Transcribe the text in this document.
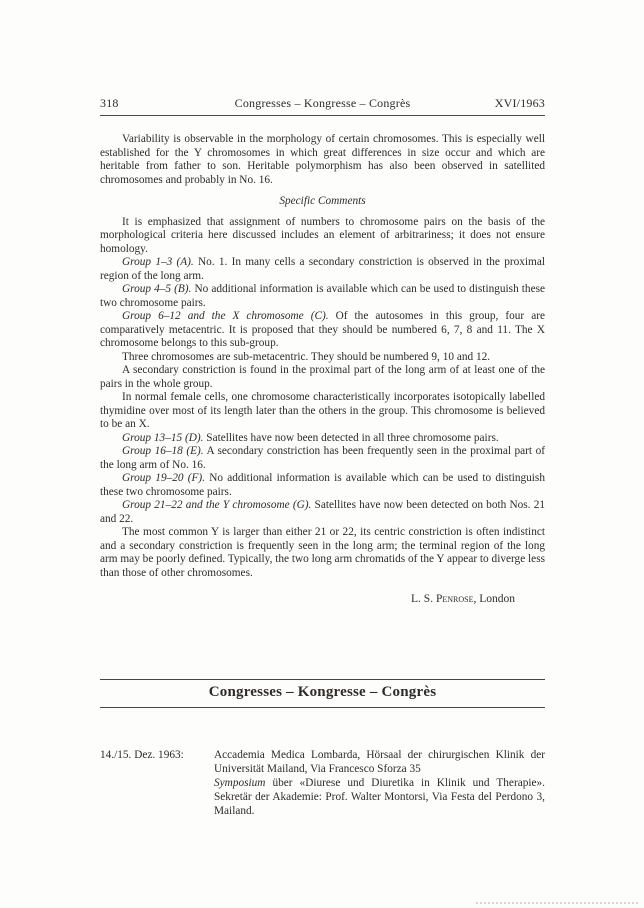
318	Congresses – Kongresse – Congrès	XVI/1963

Variability is observable in the morphology of certain chromosomes. This is especially well established for the Y chromosomes in which great differences in size occur and which are heritable from father to son. Heritable polymorphism has also been observed in satellited chromosomes and probably in No. 16.

Specific Comments

It is emphasized that assignment of numbers to chromosome pairs on the basis of the morphological criteria here discussed includes an element of arbitrariness; it does not ensure homology.

Group 1–3 (A). No. 1. In many cells a secondary constriction is observed in the proximal region of the long arm.

Group 4–5 (B). No additional information is available which can be used to distinguish these two chromosome pairs.

Group 6–12 and the X chromosome (C). Of the autosomes in this group, four are comparatively metacentric. It is proposed that they should be numbered 6, 7, 8 and 11. The X chromosome belongs to this sub-group.

Three chromosomes are sub-metacentric. They should be numbered 9, 10 and 12.

A secondary constriction is found in the proximal part of the long arm of at least one of the pairs in the whole group.

In normal female cells, one chromosome characteristically incorporates isotopically labelled thymidine over most of its length later than the others in the group. This chromosome is believed to be an X.

Group 13–15 (D). Satellites have now been detected in all three chromosome pairs.

Group 16–18 (E). A secondary constriction has been frequently seen in the proximal part of the long arm of No. 16.

Group 19–20 (F). No additional information is available which can be used to distinguish these two chromosome pairs.

Group 21–22 and the Y chromosome (G). Satellites have now been detected on both Nos. 21 and 22.

The most common Y is larger than either 21 or 22, its centric constriction is often indistinct and a secondary constriction is frequently seen in the long arm; the terminal region of the long arm may be poorly defined. Typically, the two long arm chromatids of the Y appear to diverge less than those of other chromosomes.

L. S. Penrose, London
Congresses – Kongresse – Congrès
14./15. Dez. 1963:	Accademia Medica Lombarda, Hörsaal der chirurgischen Klinik der Universität Mailand, Via Francesco Sforza 35

Symposium über «Diurese und Diuretika in Klinik und Therapie». Sekretär der Akademie: Prof. Walter Montorsi, Via Festa del Perdono 3, Mailand.
